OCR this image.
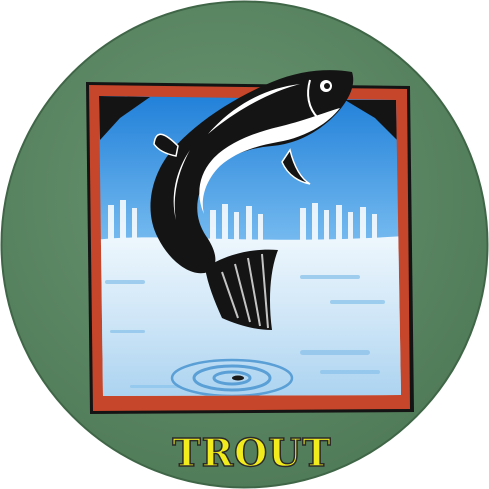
TROUT
